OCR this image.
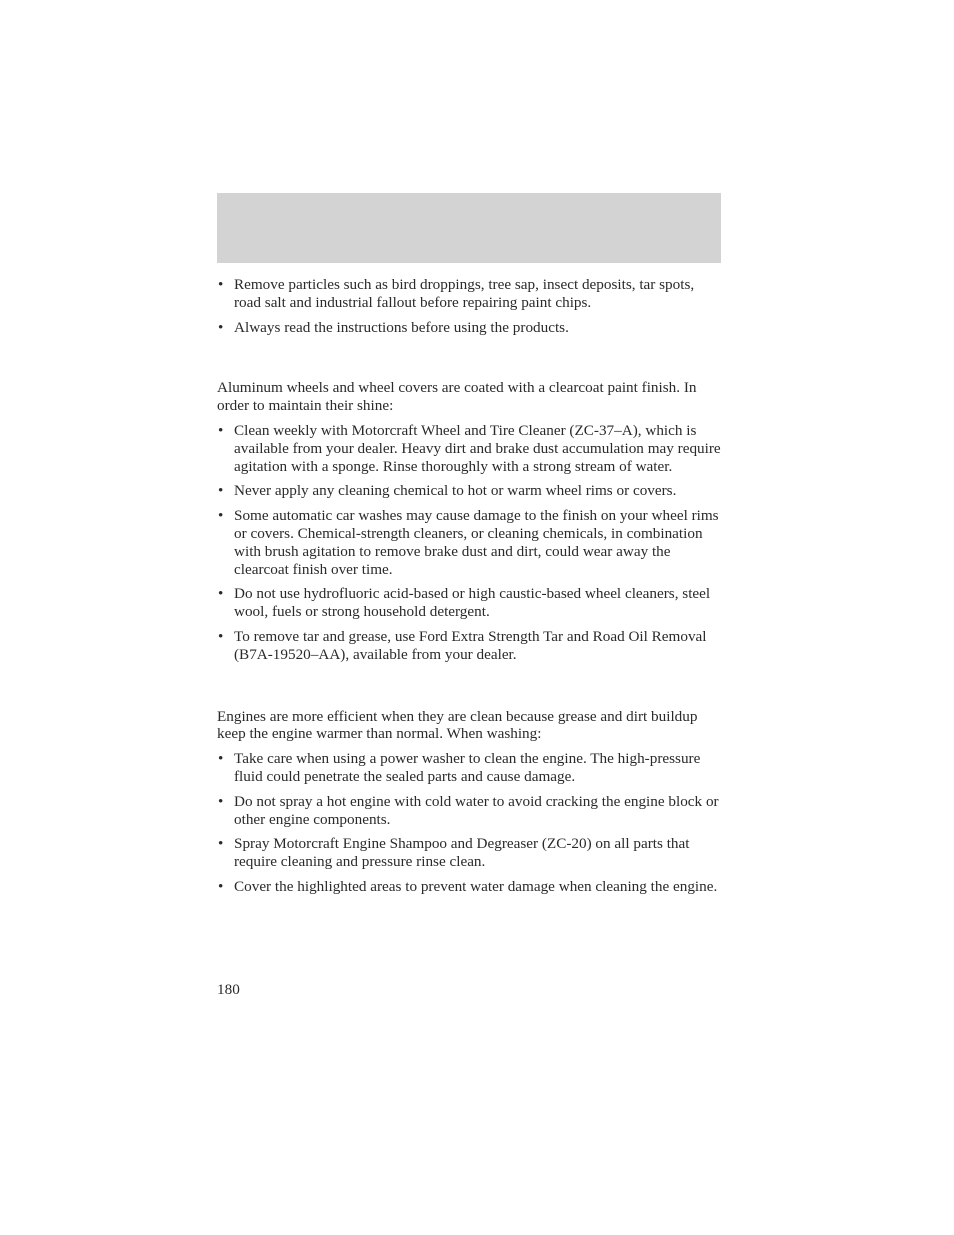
• Remove particles such as bird droppings, tree sap, insect deposits, tar spots, road salt and industrial fallout before repairing paint chips.
• Always read the instructions before using the products.

Aluminum wheels and wheel covers are coated with a clearcoat paint finish. In order to maintain their shine:

• Clean weekly with Motorcraft Wheel and Tire Cleaner (ZC-37–A), which is available from your dealer. Heavy dirt and brake dust accumulation may require agitation with a sponge. Rinse thoroughly with a strong stream of water.
• Never apply any cleaning chemical to hot or warm wheel rims or covers.
• Some automatic car washes may cause damage to the finish on your wheel rims or covers. Chemical-strength cleaners, or cleaning chemicals, in combination with brush agitation to remove brake dust and dirt, could wear away the clearcoat finish over time.
• Do not use hydrofluoric acid-based or high caustic-based wheel cleaners, steel wool, fuels or strong household detergent.
• To remove tar and grease, use Ford Extra Strength Tar and Road Oil Removal (B7A-19520–AA), available from your dealer.

Engines are more efficient when they are clean because grease and dirt buildup keep the engine warmer than normal. When washing:

• Take care when using a power washer to clean the engine. The high-pressure fluid could penetrate the sealed parts and cause damage.
• Do not spray a hot engine with cold water to avoid cracking the engine block or other engine components.
• Spray Motorcraft Engine Shampoo and Degreaser (ZC-20) on all parts that require cleaning and pressure rinse clean.
• Cover the highlighted areas to prevent water damage when cleaning the engine.
180
